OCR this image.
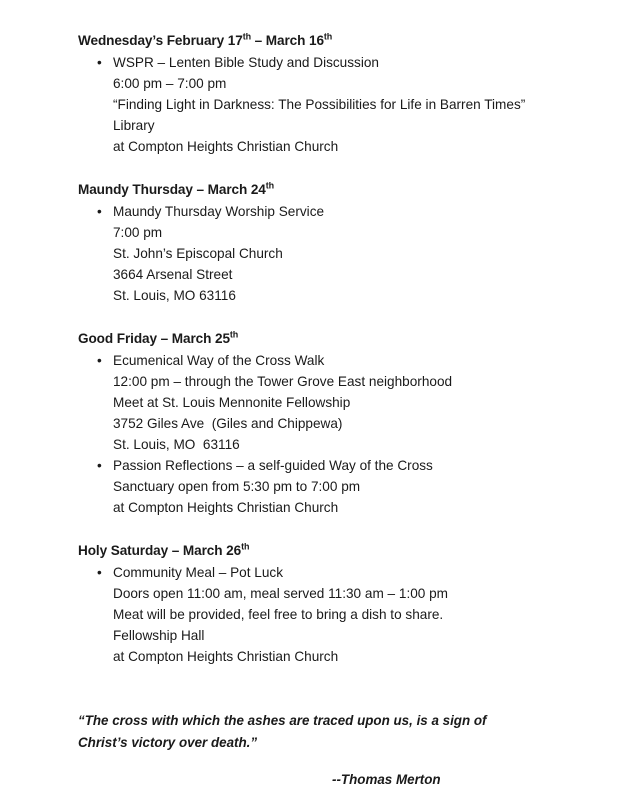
Wednesday’s February 17th – March 16th
• WSPR – Lenten Bible Study and Discussion
6:00 pm – 7:00 pm
“Finding Light in Darkness: The Possibilities for Life in Barren Times”
Library
at Compton Heights Christian Church
Maundy Thursday – March 24th
• Maundy Thursday Worship Service
7:00 pm
St. John’s Episcopal Church
3664 Arsenal Street
St. Louis, MO 63116
Good Friday – March 25th
• Ecumenical Way of the Cross Walk
12:00 pm – through the Tower Grove East neighborhood
Meet at St. Louis Mennonite Fellowship
3752 Giles Ave  (Giles and Chippewa)
St. Louis, MO  63116
• Passion Reflections – a self-guided Way of the Cross
Sanctuary open from 5:30 pm to 7:00 pm
at Compton Heights Christian Church
Holy Saturday – March 26th
• Community Meal – Pot Luck
Doors open 11:00 am, meal served 11:30 am – 1:00 pm
Meat will be provided, feel free to bring a dish to share.
Fellowship Hall
at Compton Heights Christian Church
“The cross with which the ashes are traced upon us, is a sign of Christ’s victory over death.”
--Thomas Merton
